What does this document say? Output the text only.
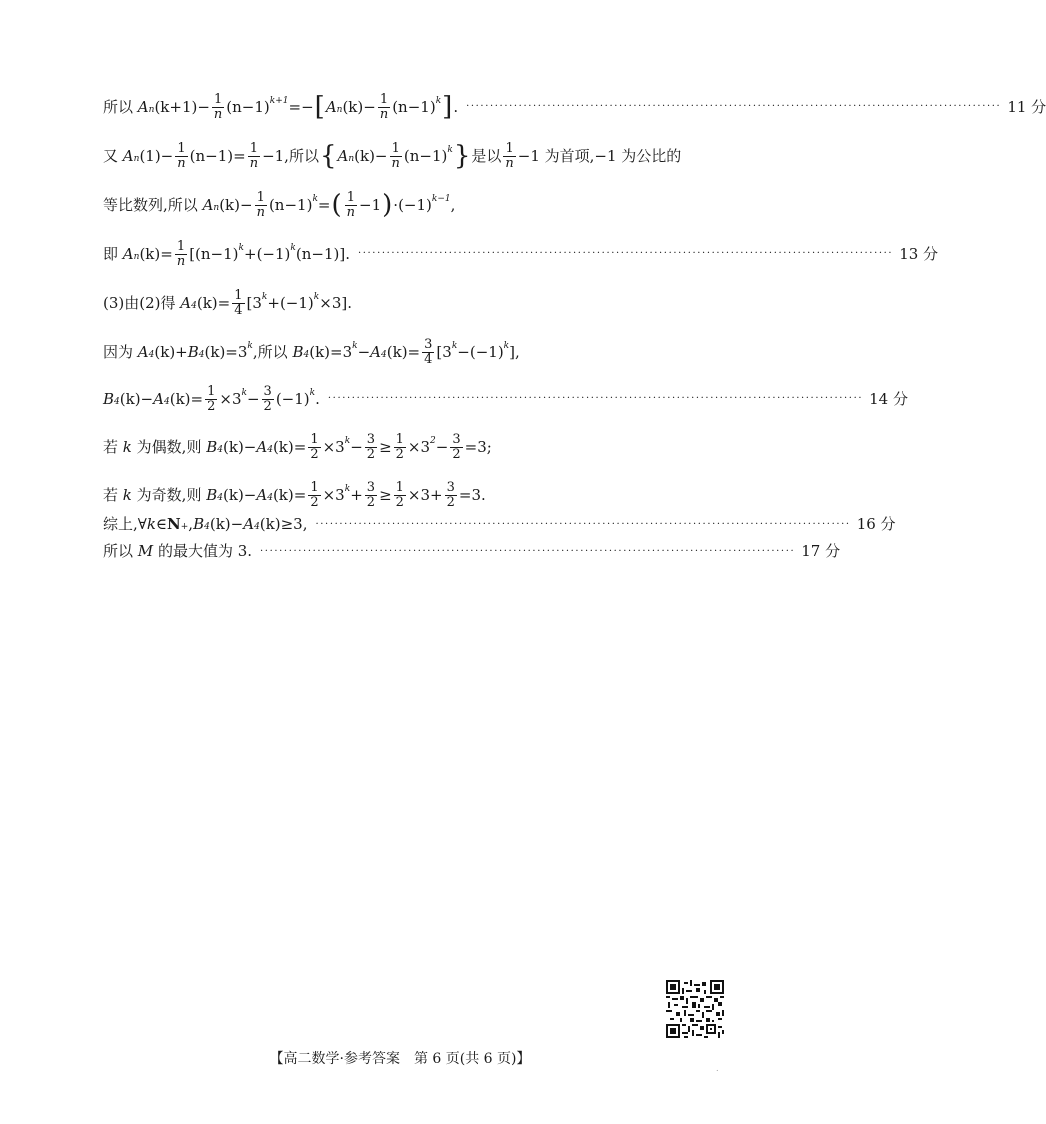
所以
$A_n$ $(k+1) - \frac{1}{n} (n-1)^{k+1}$ =− [ $A_n$ $(k) - \frac{1}{n} (n-1)^k$ ] . ················································································································ 11 分
又
$A_n$ $(1)- \frac{1}{n} (n-1)= \frac{1}{n} -1$,所以 { $A_n$ $(k)- \frac{1}{n} (n-1)^k$ } 是以 $\frac{1}{n} -1$ 为首项,−1 为公比的
等比数列,所以
$A_n$ $(k)- \frac{1}{n} (n-1)^k$ = ( $\frac{1}{n} -1$ ) $\cdot(-1)^{k-1}$ ,
即
$A_n$ $(k)= \frac{1}{n} [(n-1)^k +(-1)^k$ (n−1)]. ················································································································ 13 分
(3)由(2)得
$A_4$ $(k)= \frac{1}{4} [3^k +(-1)^k \times 3]$.
因为
$A_4$ $(k)+ B_4$ $(k)=3^k$ ,所以
$B_4$ $(k)=3^k - A_4$ $(k)= \frac{3}{4} [3^k -(-1)^k$ ],
$B_4$ $(k)- A_4$ $(k)= \frac{1}{2} \times 3^k - \frac{3}{2} (-1)^k$ . ················································································································ 14 分
若
k
为偶数,则
$B_4$ $(k)- A_4$ $(k)= \frac{1}{2} \times 3^k - \frac{3}{2} \ge \frac{1}{2} \times 3^2 - \frac{3}{2} =3$;
若
k
为奇数,则
$B_4$ $(k)- A_4$ $(k)= \frac{1}{2} \times 3^k + \frac{3}{2} \ge \frac{1}{2} \times 3+ \frac{3}{2} =3$.
综上,∀ k ∈ $N_+$ , $B_4$ $(k)- A_4$ (k)≥3, ················································································································ 16 分
所以
M
的最大值为 3. ················································································································ 17 分
.
【高二数学·参考答案　第 6 页(共 6 页)】
